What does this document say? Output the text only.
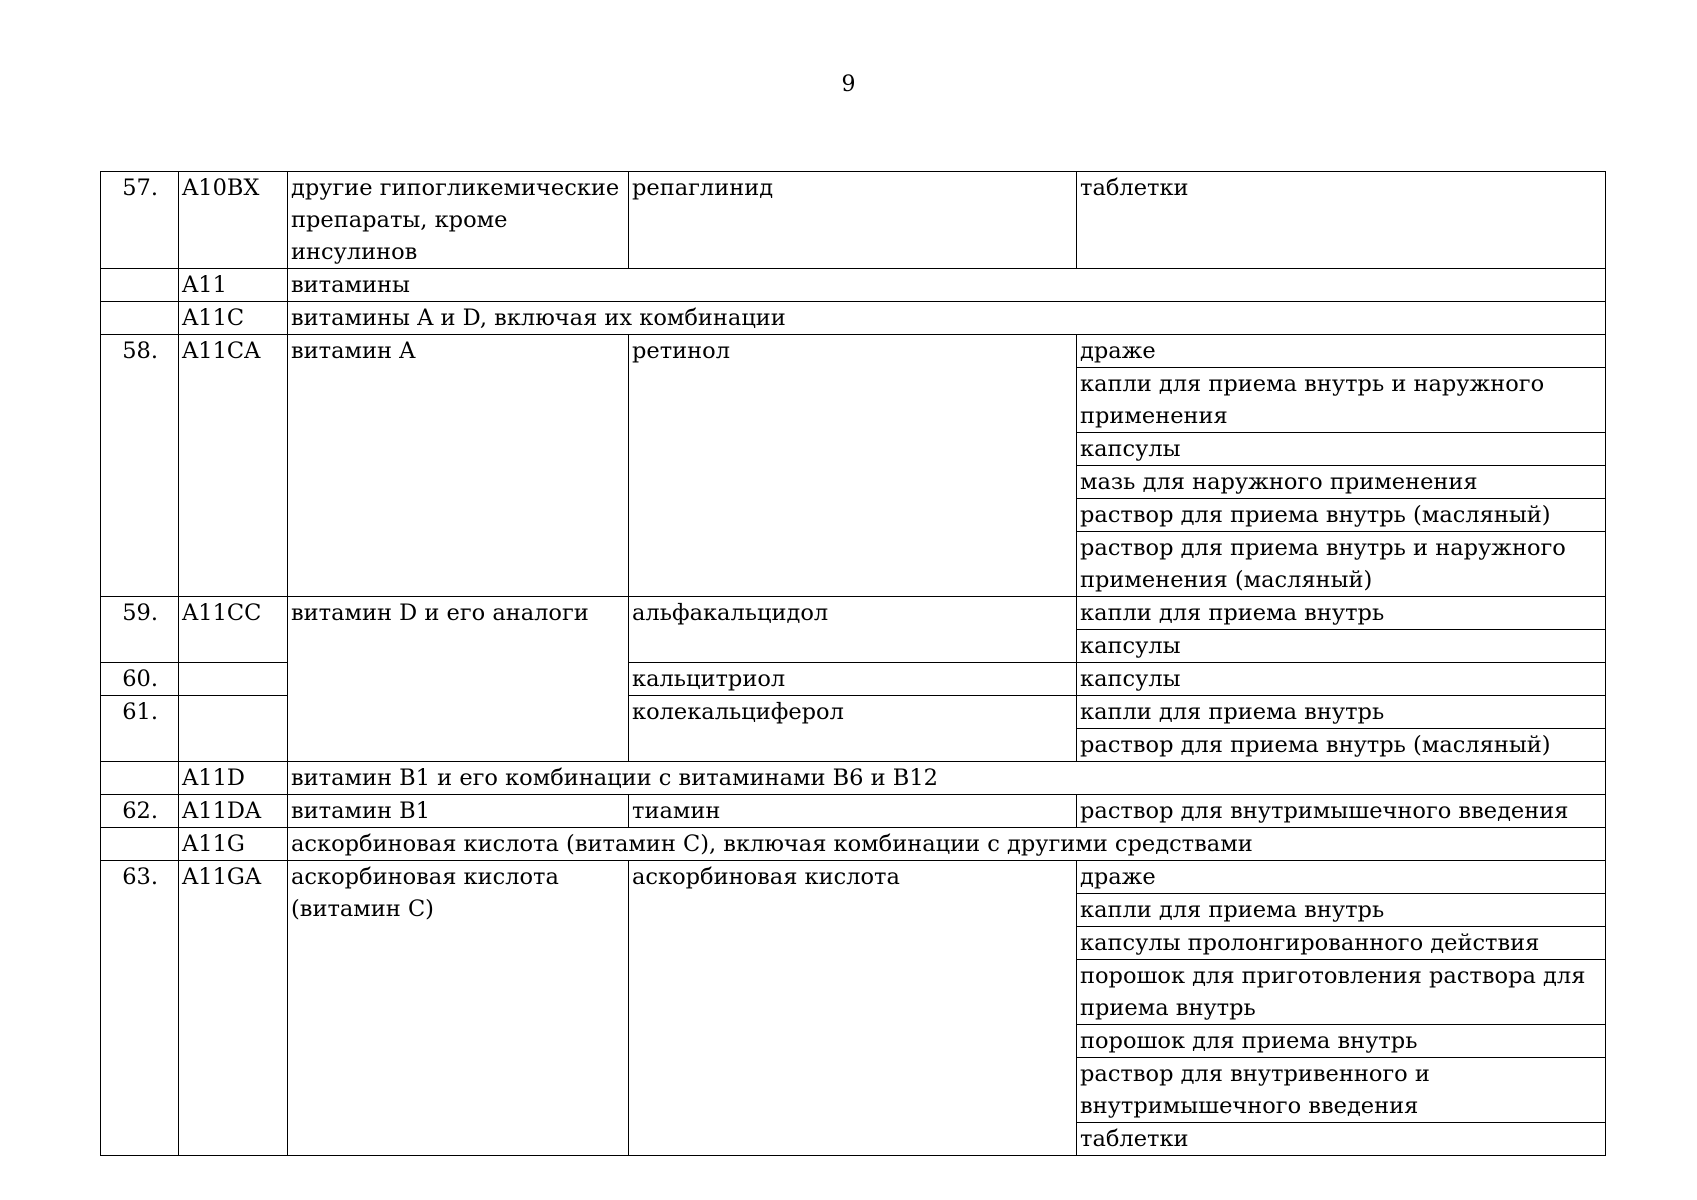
9
57.	A10BX	другие гипогликемические препараты, кроме инсулинов	репаглинид	таблетки
	A11	витамины		
	A11C	витамины A и D, включая их комбинации		
58.	A11CA	витамин A	ретинол	драже
				капли для приема внутрь и наружного применения
				капсулы
				мазь для наружного применения
				раствор для приема внутрь (масляный)
				раствор для приема внутрь и наружного применения (масляный)
59.	A11CC	витамин D и его аналоги	альфакальцидол	капли для приема внутрь
				капсулы
60.			кальцитриол	капсулы
61.			колекальциферол	капли для приема внутрь
				раствор для приема внутрь (масляный)
	A11D	витамин B1 и его комбинации с витаминами B6 и B12		
62.	A11DA	витамин B1	тиамин	раствор для внутримышечного введения
	A11G	аскорбиновая кислота (витамин С), включая комбинации с другими средствами		
63.	A11GA	аскорбиновая кислота (витамин С)	аскорбиновая кислота	драже
				капли для приема внутрь
				капсулы пролонгированного действия
				порошок для приготовления раствора для приема внутрь
				порошок для приема внутрь
				раствор для внутривенного и внутримышечного введения
				таблетки
